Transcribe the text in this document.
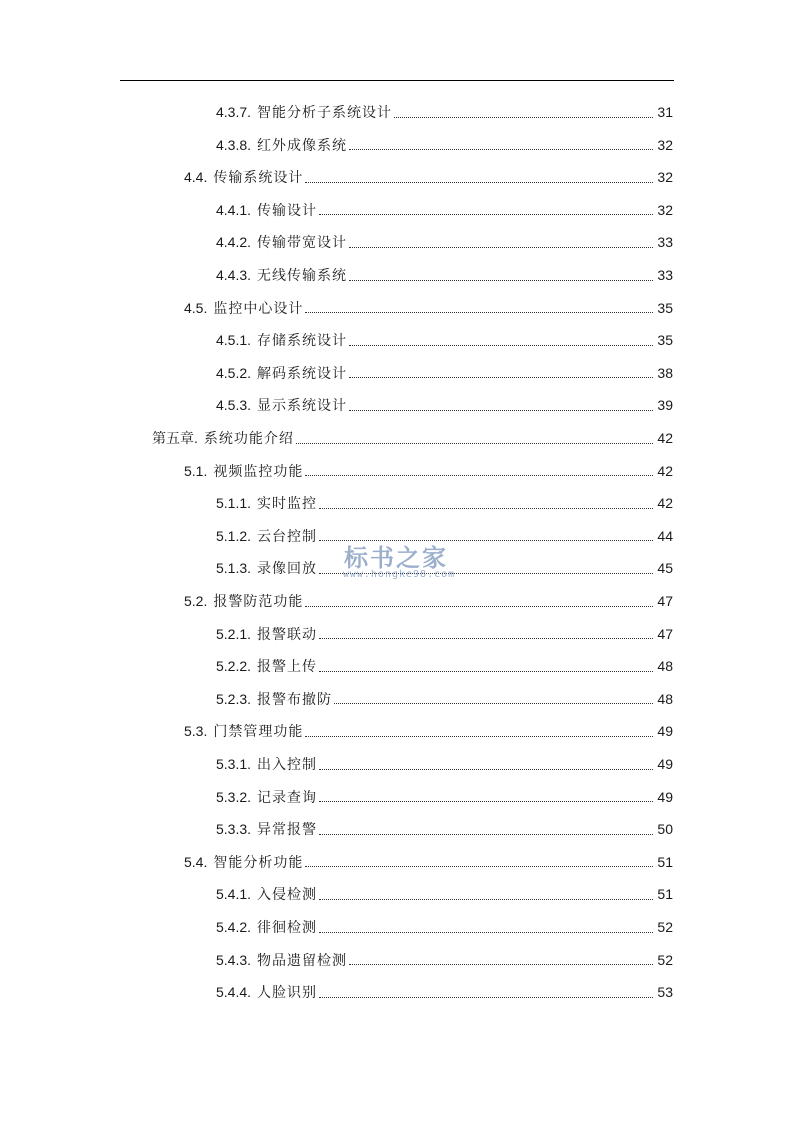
4.3.7. 智能分析子系统设计	31
4.3.8. 红外成像系统	32
4.4. 传输系统设计	32
4.4.1. 传输设计	32
4.4.2. 传输带宽设计	33
4.4.3. 无线传输系统	33
4.5. 监控中心设计	35
4.5.1. 存储系统设计	35
4.5.2. 解码系统设计	38
4.5.3. 显示系统设计	39
第五章. 系统功能介绍	42
5.1. 视频监控功能	42
5.1.1. 实时监控	42
5.1.2. 云台控制	44
5.1.3. 录像回放	45
5.2. 报警防范功能	47
5.2.1. 报警联动	47
5.2.2. 报警上传	48
5.2.3. 报警布撤防	48
5.3. 门禁管理功能	49
5.3.1. 出入控制	49
5.3.2. 记录查询	49
5.3.3. 异常报警	50
5.4. 智能分析功能	51
5.4.1. 入侵检测	51
5.4.2. 徘徊检测	52
5.4.3. 物品遗留检测	52
5.4.4. 人脸识别	53
标书之家
www.hongke98.com
